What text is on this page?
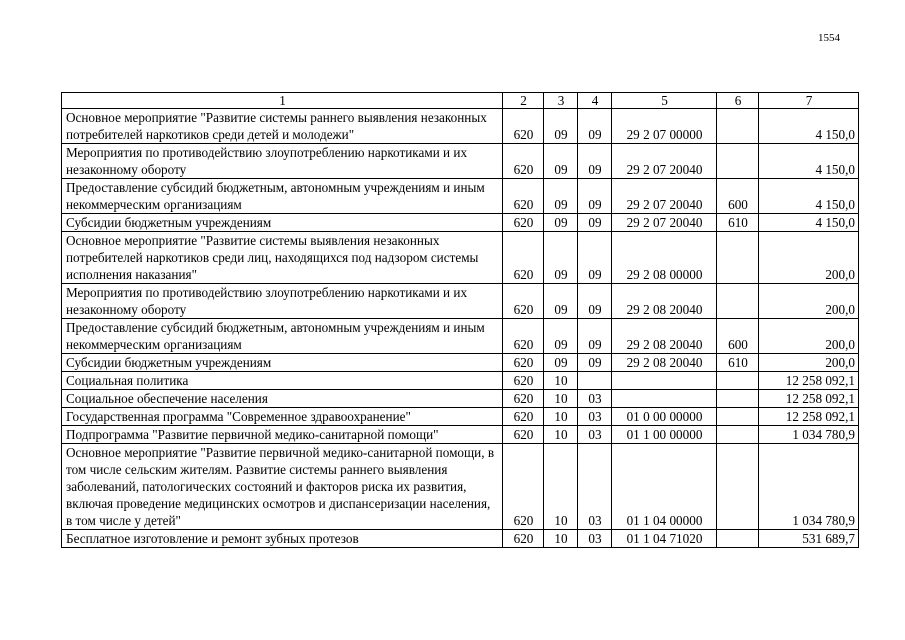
1554
1	2	3	4	5	6	7
Основное мероприятие "Развитие системы раннего выявления незаконных потребителей наркотиков среди детей и молодежи"	620	09	09	29 2 07 00000		4 150,0
Мероприятия по противодействию злоупотреблению наркотиками и их незаконному обороту	620	09	09	29 2 07 20040		4 150,0
Предоставление субсидий бюджетным, автономным учреждениям и иным некоммерческим организациям	620	09	09	29 2 07 20040	600	4 150,0
Субсидии бюджетным учреждениям	620	09	09	29 2 07 20040	610	4 150,0
Основное мероприятие "Развитие системы выявления незаконных потребителей наркотиков среди лиц, находящихся под надзором системы исполнения наказания"	620	09	09	29 2 08 00000		200,0
Мероприятия по противодействию злоупотреблению наркотиками и их незаконному обороту	620	09	09	29 2 08 20040		200,0
Предоставление субсидий бюджетным, автономным учреждениям и иным некоммерческим организациям	620	09	09	29 2 08 20040	600	200,0
Субсидии бюджетным учреждениям	620	09	09	29 2 08 20040	610	200,0
Социальная политика	620	10				12 258 092,1
Социальное обеспечение населения	620	10	03			12 258 092,1
Государственная программа "Современное здравоохранение"	620	10	03	01 0 00 00000		12 258 092,1
Подпрограмма "Развитие первичной медико-санитарной помощи"	620	10	03	01 1 00 00000		1 034 780,9
Основное мероприятие "Развитие первичной медико-санитарной помощи, в том числе сельским жителям. Развитие системы раннего выявления заболеваний, патологических состояний и факторов риска их развития, включая проведение медицинских осмотров и диспансеризации населения, в том числе у детей"	620	10	03	01 1 04 00000		1 034 780,9
Бесплатное изготовление и ремонт зубных протезов	620	10	03	01 1 04 71020		531 689,7
